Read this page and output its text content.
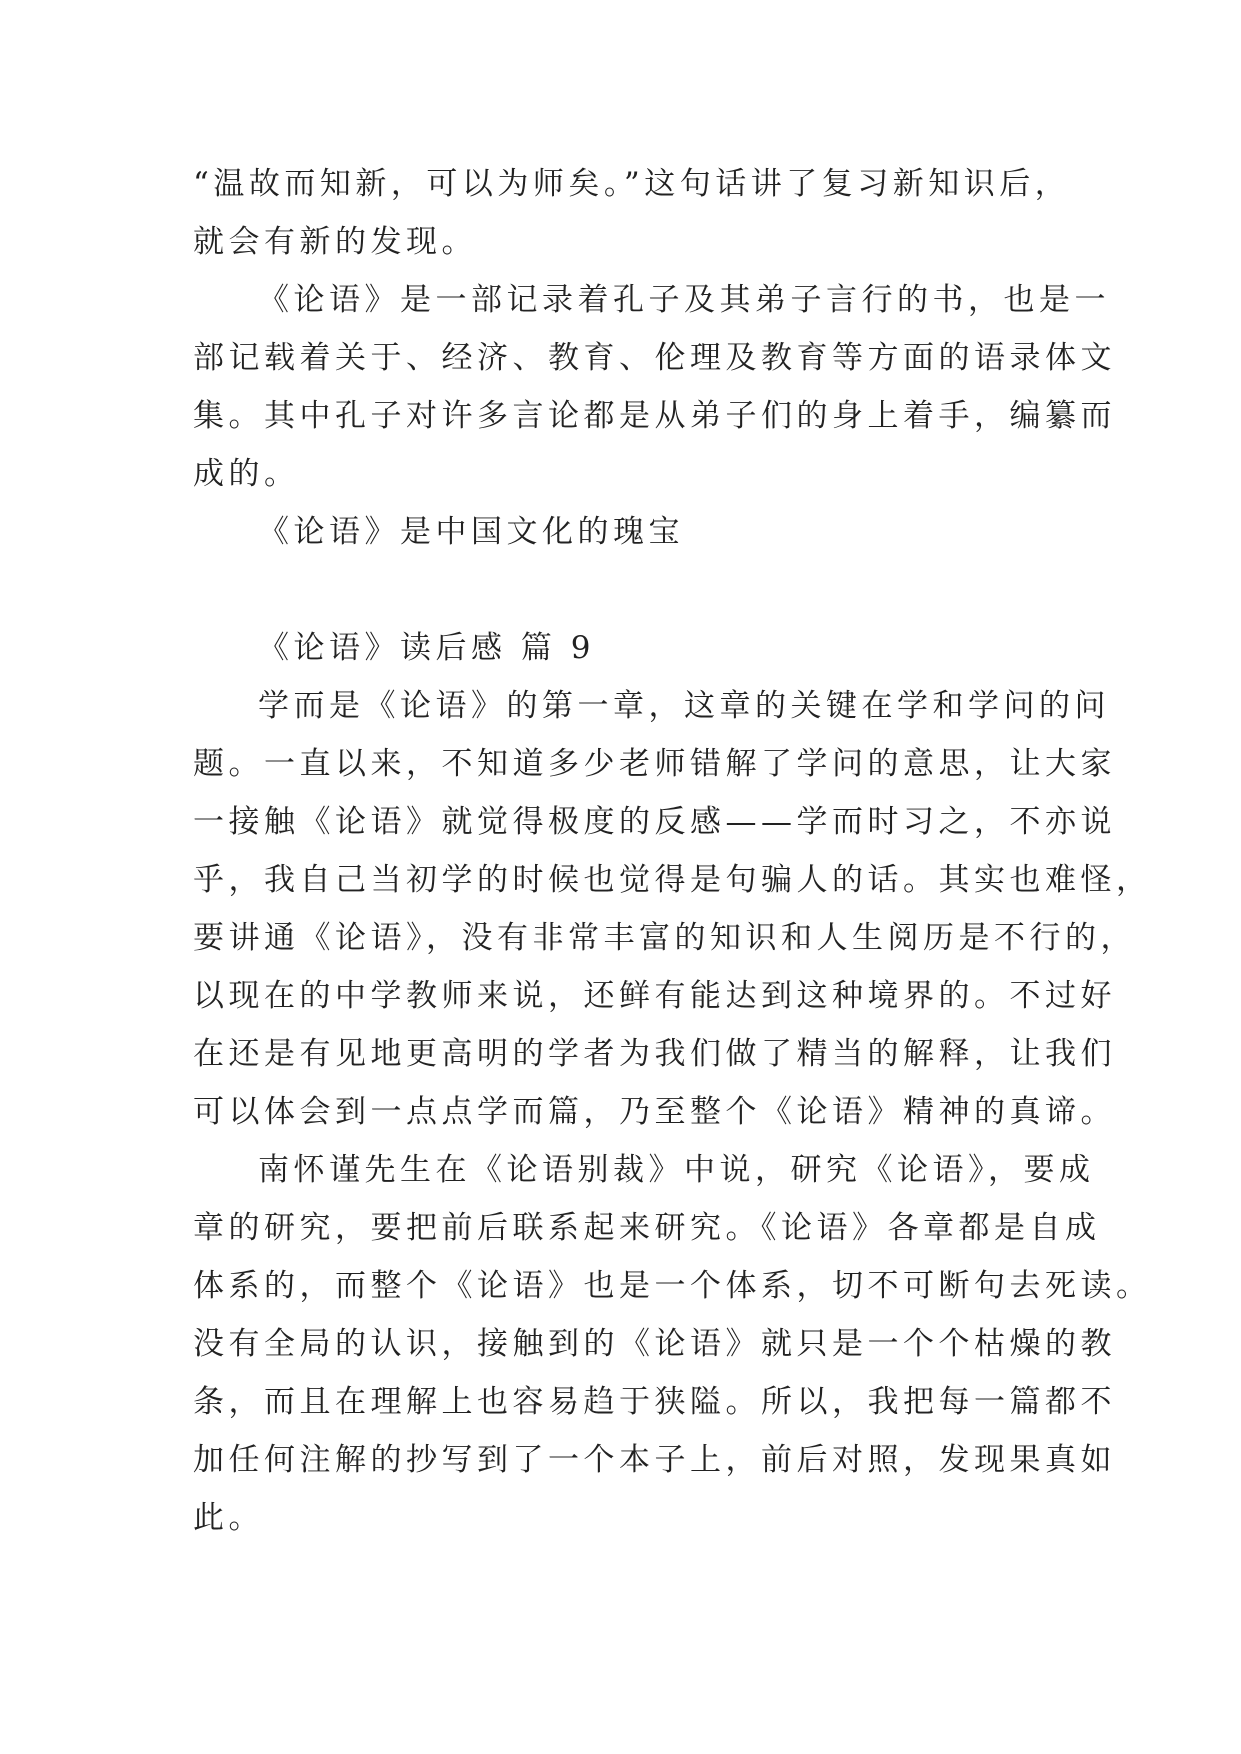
“温故而知新，可以为师矣。”这句话讲了复习新知识后，
就会有新的发现。
《论语》是一部记录着孔子及其弟子言行的书，也是一
部记载着关于、经济、教育、伦理及教育等方面的语录体文
集。其中孔子对许多言论都是从弟子们的身上着手，编纂而
成的。
《论语》是中国文化的瑰宝
《论语》读后感 篇 9
学而是《论语》的第一章，这章的关键在学和学问的问
题。一直以来，不知道多少老师错解了学问的意思，让大家
一接触《论语》就觉得极度的反感——学而时习之，不亦说
乎，我自己当初学的时候也觉得是句骗人的话。其实也难怪，
要讲通《论语》，没有非常丰富的知识和人生阅历是不行的，
以现在的中学教师来说，还鲜有能达到这种境界的。不过好
在还是有见地更高明的学者为我们做了精当的解释，让我们
可以体会到一点点学而篇，乃至整个《论语》精神的真谛。
南怀谨先生在《论语别裁》中说，研究《论语》，要成
章的研究，要把前后联系起来研究。《论语》各章都是自成
体系的，而整个《论语》也是一个体系，切不可断句去死读。
没有全局的认识，接触到的《论语》就只是一个个枯燥的教
条，而且在理解上也容易趋于狭隘。所以，我把每一篇都不
加任何注解的抄写到了一个本子上，前后对照，发现果真如
此。
